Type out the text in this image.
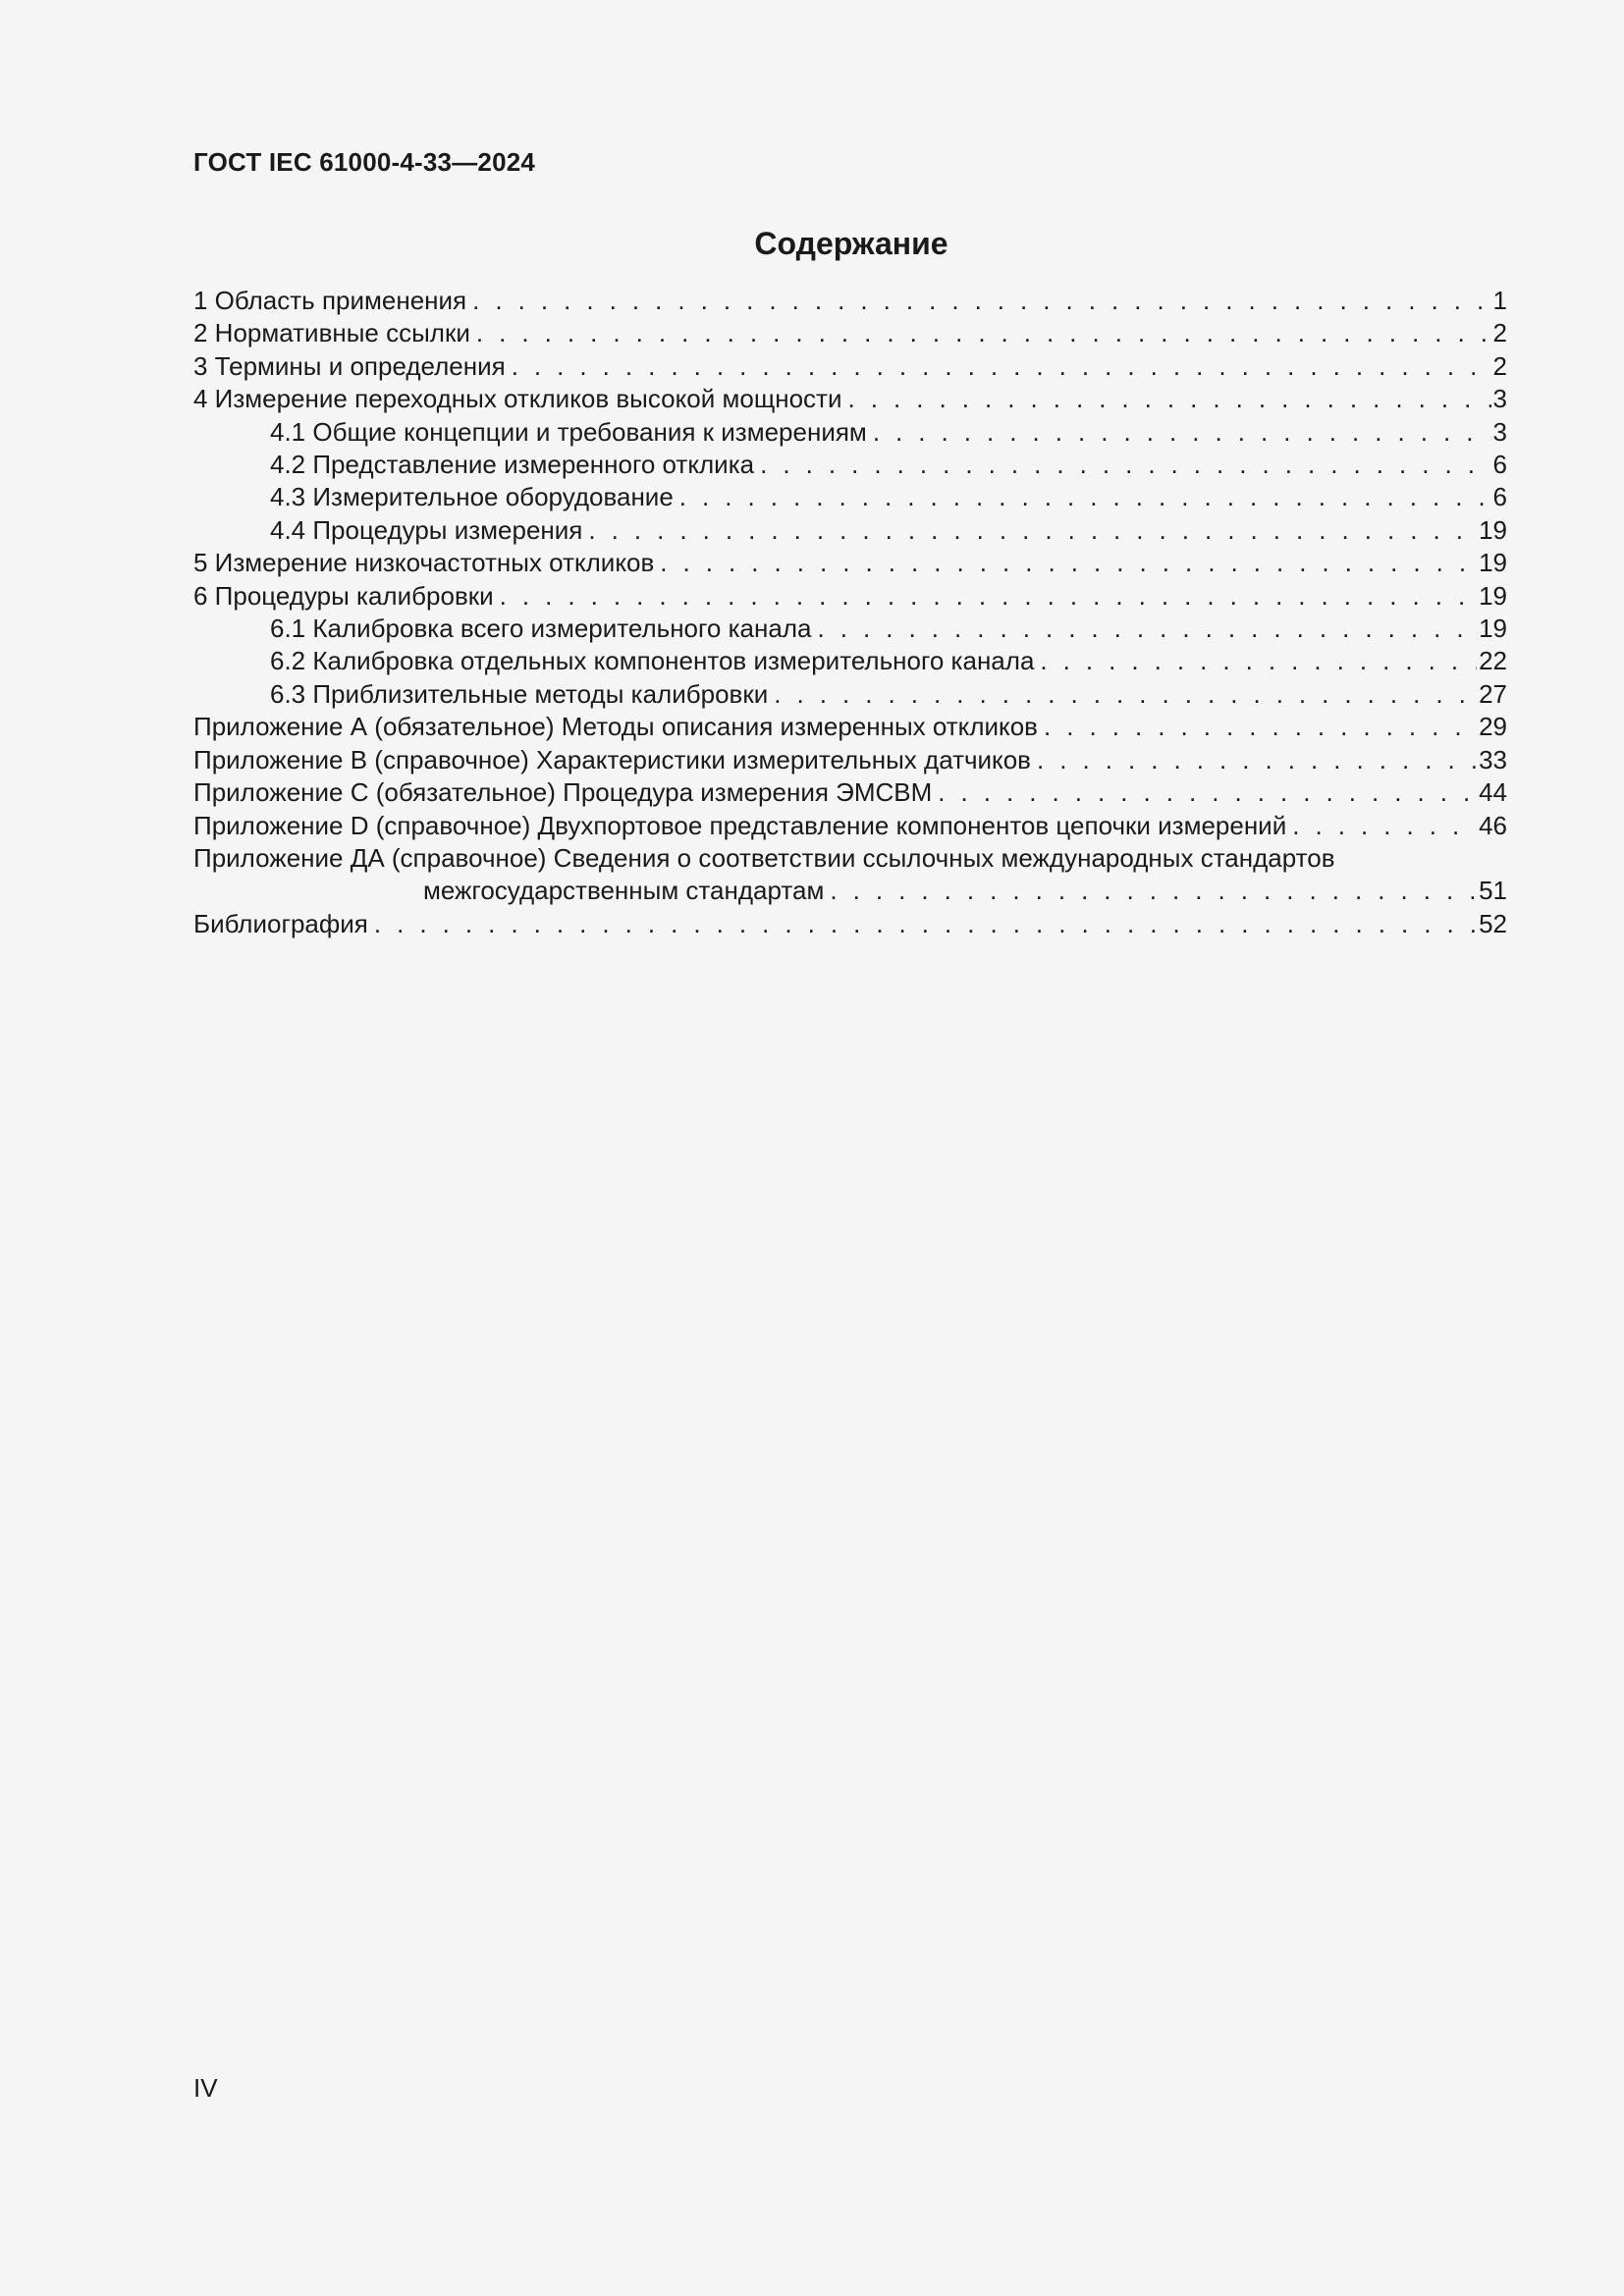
ГОСТ IEC 61000-4-33—2024
Содержание
1 Область применения . . .	1
2 Нормативные ссылки . . .	2
3 Термины и определения . . .	2
4 Измерение переходных откликов высокой мощности . . .	3
4.1 Общие концепции и требования к измерениям . . .	3
4.2 Представление измеренного отклика . . .	6
4.3 Измерительное оборудование . . .	6
4.4 Процедуры измерения . . .	19
5 Измерение низкочастотных откликов . . .	19
6 Процедуры калибровки . . .	19
6.1 Калибровка всего измерительного канала . . .	19
6.2 Калибровка отдельных компонентов измерительного канала . . .	22
6.3 Приблизительные методы калибровки . . .	27
Приложение А (обязательное) Методы описания измеренных откликов . . .	29
Приложение В (справочное) Характеристики измерительных датчиков . . .	33
Приложение С (обязательное) Процедура измерения ЭМСВМ . . .	44
Приложение D (справочное) Двухпортовое представление компонентов цепочки измерений . . .	46
Приложение ДА (справочное) Сведения о соответствии ссылочных международных стандартов
межгосударственным стандартам . . .	51
Библиография . . .	52
IV
